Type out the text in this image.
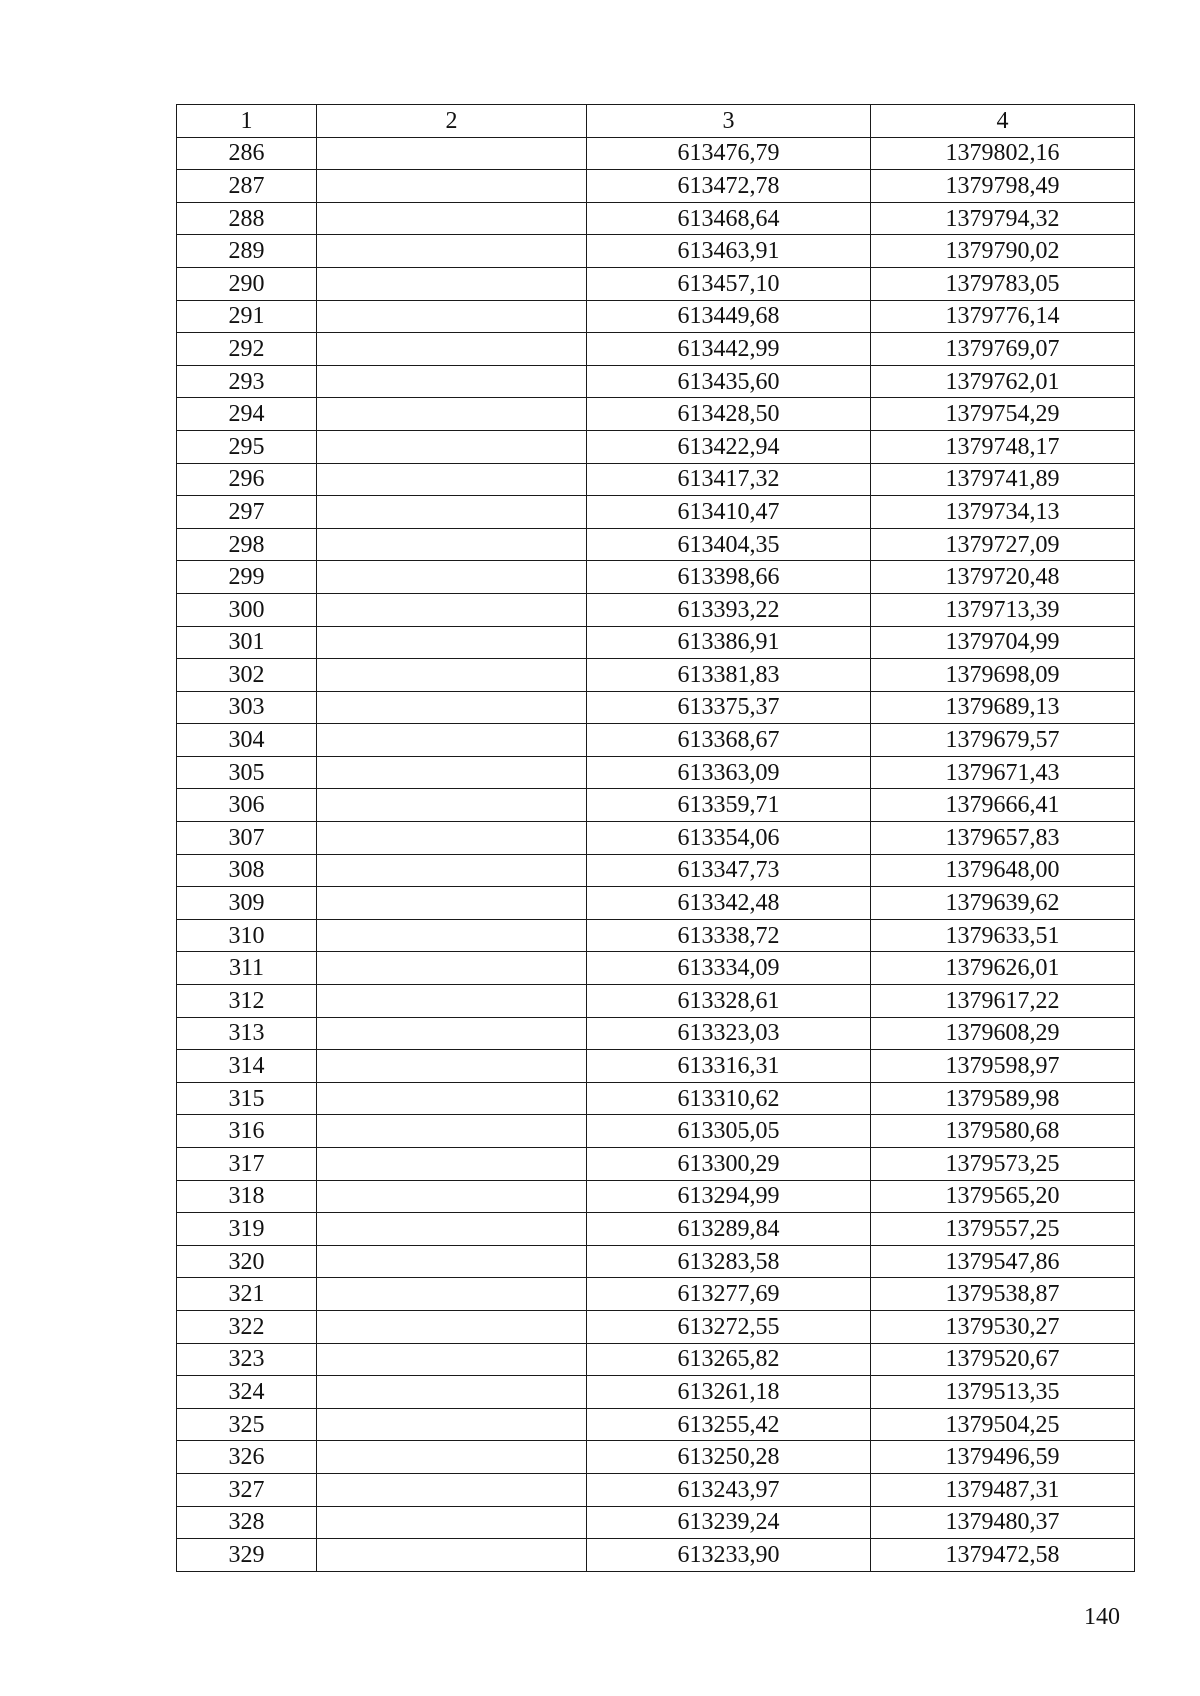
1	2	3	4
286		613476,79	1379802,16
287		613472,78	1379798,49
288		613468,64	1379794,32
289		613463,91	1379790,02
290		613457,10	1379783,05
291		613449,68	1379776,14
292		613442,99	1379769,07
293		613435,60	1379762,01
294		613428,50	1379754,29
295		613422,94	1379748,17
296		613417,32	1379741,89
297		613410,47	1379734,13
298		613404,35	1379727,09
299		613398,66	1379720,48
300		613393,22	1379713,39
301		613386,91	1379704,99
302		613381,83	1379698,09
303		613375,37	1379689,13
304		613368,67	1379679,57
305		613363,09	1379671,43
306		613359,71	1379666,41
307		613354,06	1379657,83
308		613347,73	1379648,00
309		613342,48	1379639,62
310		613338,72	1379633,51
311		613334,09	1379626,01
312		613328,61	1379617,22
313		613323,03	1379608,29
314		613316,31	1379598,97
315		613310,62	1379589,98
316		613305,05	1379580,68
317		613300,29	1379573,25
318		613294,99	1379565,20
319		613289,84	1379557,25
320		613283,58	1379547,86
321		613277,69	1379538,87
322		613272,55	1379530,27
323		613265,82	1379520,67
324		613261,18	1379513,35
325		613255,42	1379504,25
326		613250,28	1379496,59
327		613243,97	1379487,31
328		613239,24	1379480,37
329		613233,90	1379472,58
140
